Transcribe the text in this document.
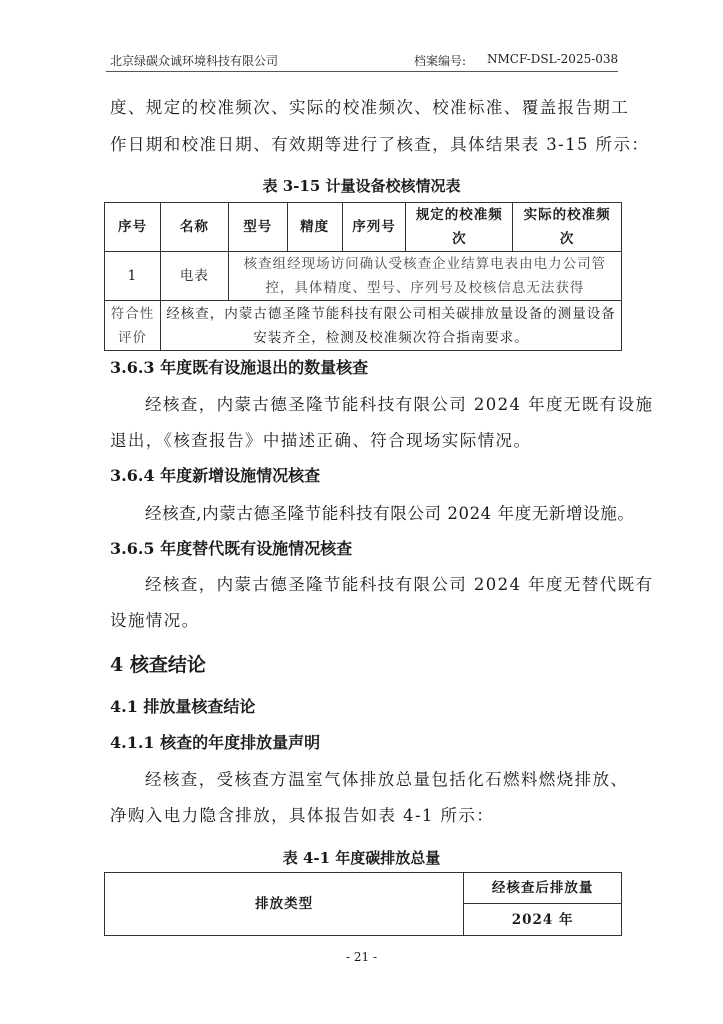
北京绿碳众诚环境科技有限公司	档案编号: NMCF-DSL-2025-038
度、规定的校准频次、实际的校准频次、校准标准、覆盖报告期工
作日期和校准日期、有效期等进行了核查，具体结果表 3-15 所示：
表 3-15 计量设备校核情况表
序号	名称	型号	精度	序列号	规定的校准频次	实际的校准频次
1	电表	核查组经现场访问确认受核查企业结算电表由电力公司管控，具体精度、型号、序列号及校核信息无法获得				
符合性评价	经核查，内蒙古德圣隆节能科技有限公司相关碳排放量设备的测量设备安装齐全，检测及校准频次符合指南要求。					
3.6.3 年度既有设施退出的数量核查
经核查，内蒙古德圣隆节能科技有限公司 2024 年度无既有设施
退出，《核查报告》中描述正确、符合现场实际情况。
3.6.4 年度新增设施情况核查
经核查,内蒙古德圣隆节能科技有限公司 2024 年度无新增设施。
3.6.5 年度替代既有设施情况核查
经核查，内蒙古德圣隆节能科技有限公司 2024 年度无替代既有
设施情况。
4 核查结论
4.1 排放量核查结论
4.1.1 核查的年度排放量声明
经核查，受核查方温室气体排放总量包括化石燃料燃烧排放、
净购入电力隐含排放，具体报告如表 4-1 所示：
表 4-1 年度碳排放总量
排放类型	经核查后排放量
2024 年
- 21 -
